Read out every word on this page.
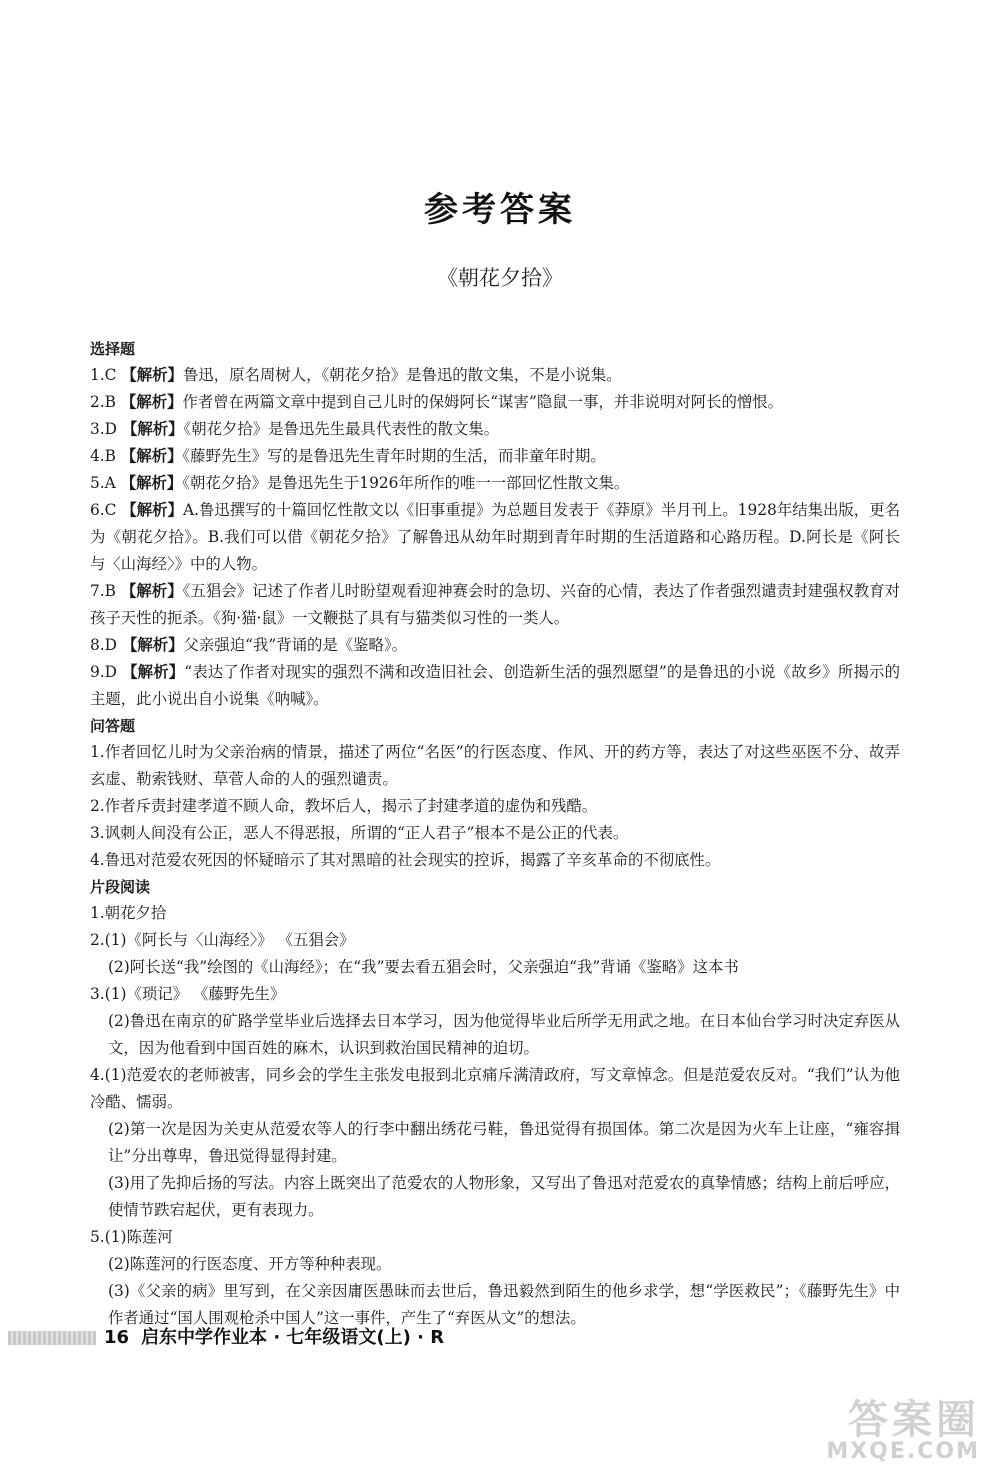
参考答案
《朝花夕拾》
选择题
1.C 【解析】鲁迅，原名周树人，《朝花夕拾》是鲁迅的散文集，不是小说集。
2.B 【解析】作者曾在两篇文章中提到自己儿时的保姆阿长“谋害”隐鼠一事，并非说明对阿长的憎恨。
3.D 【解析】《朝花夕拾》是鲁迅先生最具代表性的散文集。
4.B 【解析】《藤野先生》写的是鲁迅先生青年时期的生活，而非童年时期。
5.A 【解析】《朝花夕拾》是鲁迅先生于1926年所作的唯一一部回忆性散文集。
6.C 【解析】A.鲁迅撰写的十篇回忆性散文以《旧事重提》为总题目发表于《莽原》半月刊上。1928年结集出版，更名为《朝花夕拾》。B.我们可以借《朝花夕拾》了解鲁迅从幼年时期到青年时期的生活道路和心路历程。D.阿长是《阿长与〈山海经〉》中的人物。
7.B 【解析】《五猖会》记述了作者儿时盼望观看迎神赛会时的急切、兴奋的心情，表达了作者强烈谴责封建强权教育对孩子天性的扼杀。《狗·猫·鼠》一文鞭挞了具有与猫类似习性的一类人。
8.D 【解析】父亲强迫“我”背诵的是《鉴略》。
9.D 【解析】“表达了作者对现实的强烈不满和改造旧社会、创造新生活的强烈愿望”的是鲁迅的小说《故乡》所揭示的主题，此小说出自小说集《呐喊》。
问答题
1.作者回忆儿时为父亲治病的情景，描述了两位“名医”的行医态度、作风、开的药方等，表达了对这些巫医不分、故弄玄虚、勒索钱财、草菅人命的人的强烈谴责。
2.作者斥责封建孝道不顾人命，教坏后人，揭示了封建孝道的虚伪和残酷。
3.讽刺人间没有公正，恶人不得恶报，所谓的“正人君子”根本不是公正的代表。
4.鲁迅对范爱农死因的怀疑暗示了其对黑暗的社会现实的控诉，揭露了辛亥革命的不彻底性。
片段阅读
1.朝花夕拾
2.(1)《阿长与〈山海经〉》 《五猖会》
(2)阿长送“我”绘图的《山海经》；在“我”要去看五猖会时，父亲强迫“我”背诵《鉴略》这本书
3.(1)《琐记》 《藤野先生》
(2)鲁迅在南京的矿路学堂毕业后选择去日本学习，因为他觉得毕业后所学无用武之地。在日本仙台学习时决定弃医从文，因为他看到中国百姓的麻木，认识到救治国民精神的迫切。
4.(1)范爱农的老师被害，同乡会的学生主张发电报到北京痛斥满清政府，写文章悼念。但是范爱农反对。“我们”认为他冷酷、懦弱。
(2)第一次是因为关吏从范爱农等人的行李中翻出绣花弓鞋，鲁迅觉得有损国体。第二次是因为火车上让座，“雍容揖让”分出尊卑，鲁迅觉得显得封建。
(3)用了先抑后扬的写法。内容上既突出了范爱农的人物形象，又写出了鲁迅对范爱农的真挚情感；结构上前后呼应，使情节跌宕起伏，更有表现力。
5.(1)陈莲河
(2)陈莲河的行医态度、开方等种种表现。
(3)《父亲的病》里写到，在父亲因庸医愚昧而去世后，鲁迅毅然到陌生的他乡求学，想“学医救民”；《藤野先生》中作者通过“国人围观枪杀中国人”这一事件，产生了“弃医从文”的想法。
16 启东中学作业本 · 七年级语文(上) · R
答案圈
MXQE.COM
